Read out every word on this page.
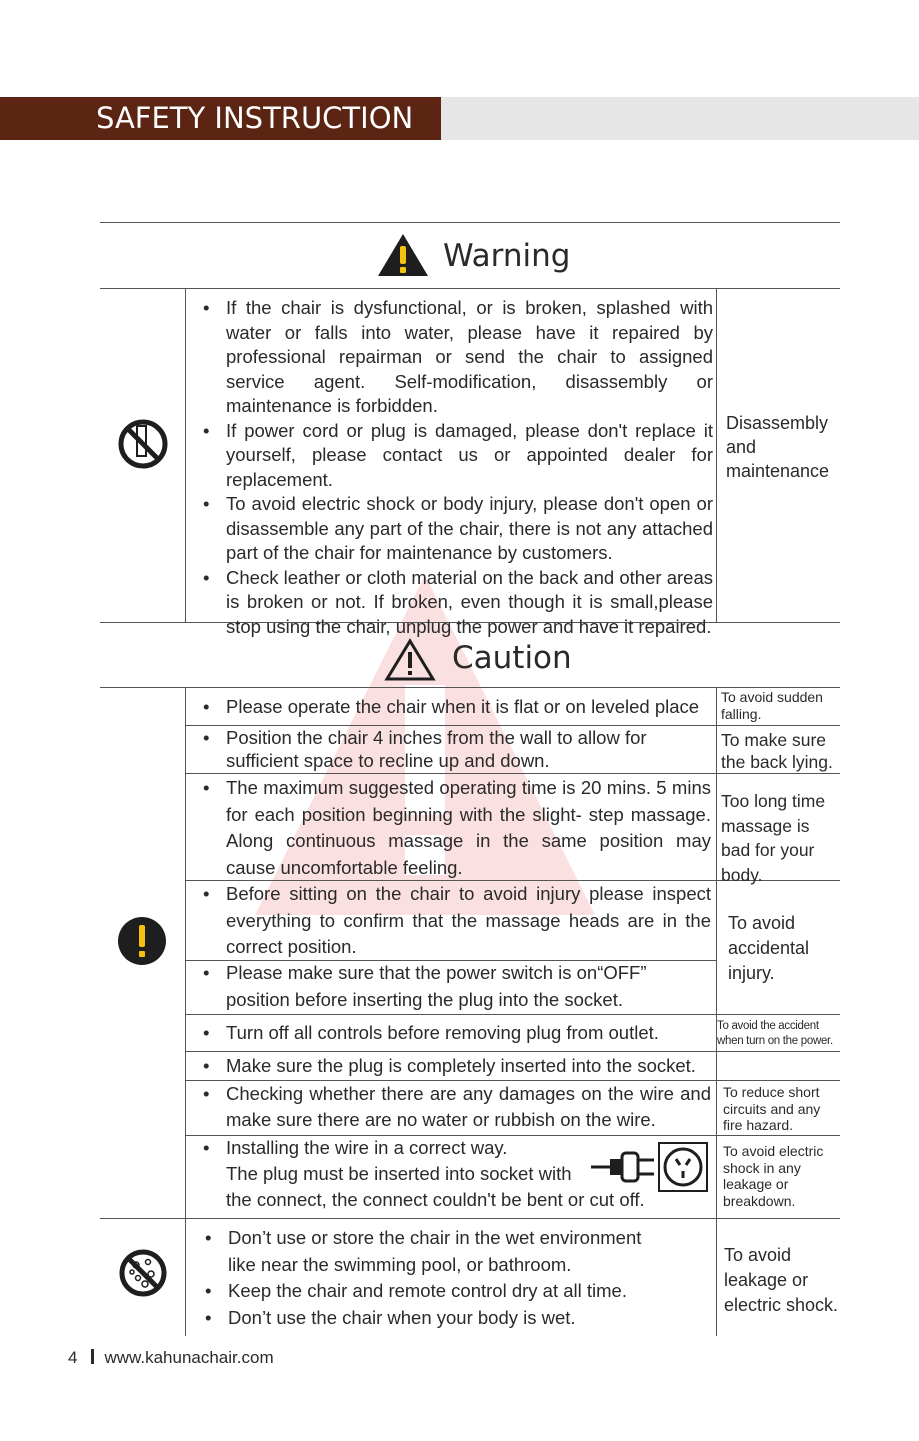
SAFETY INSTRUCTION
Warning
• If the chair is dysfunctional, or is broken, splashed with water or falls into water, please have it repaired by professional repairman or send the chair to assigned service agent. Self-modification, disassembly or maintenance is forbidden.
• If power cord or plug is damaged, please don't replace it yourself, please contact us or appointed dealer for replacement.
• To avoid electric shock or body injury, please don't open or disassemble any part of the chair, there is not any attached part of the chair for maintenance by customers.
• Check leather or cloth material on the back and other areas is broken or not. If broken, even though it is small,please stop using the chair, unplug the power and have it repaired.
Disassembly and maintenance
Caution
• Please operate the chair when it is flat or on leveled place	To avoid sudden falling.
• Position the chair 4 inches from the wall to allow for sufficient space to recline up and down.
To make sure the back lying.
• The maximum suggested operating time is 20 mins. 5 mins for each position beginning with the slight- step massage. Along continuous massage in the same position may cause uncomfortable feeling.
Too long time massage is bad for your body.
• Before sitting on the chair to avoid injury please inspect everything to confirm that the massage heads are in the correct position.
• Please make sure that the power switch is on“OFF” position before inserting the plug into the socket.
To avoid accidental injury.
• Turn off all controls before removing plug from outlet.	To avoid the accident when turn on the power.
• Make sure the plug is completely inserted into the socket.
• Checking whether there are any damages on the wire and make sure there are no water or rubbish on the wire.
To reduce short circuits and any fire hazard.
• Installing the wire in a correct way.
The plug must be inserted into socket with
the connect, the connect couldn't be bent or cut off.
To avoid electric shock in any leakage or breakdown.
• Don’t use or store the chair in the wet environment like near the swimming pool, or bathroom.
• Keep the chair and remote control dry at all time.
• Don’t use the chair when your body is wet.
To avoid leakage or electric shock.
4 www.kahunachair.com
